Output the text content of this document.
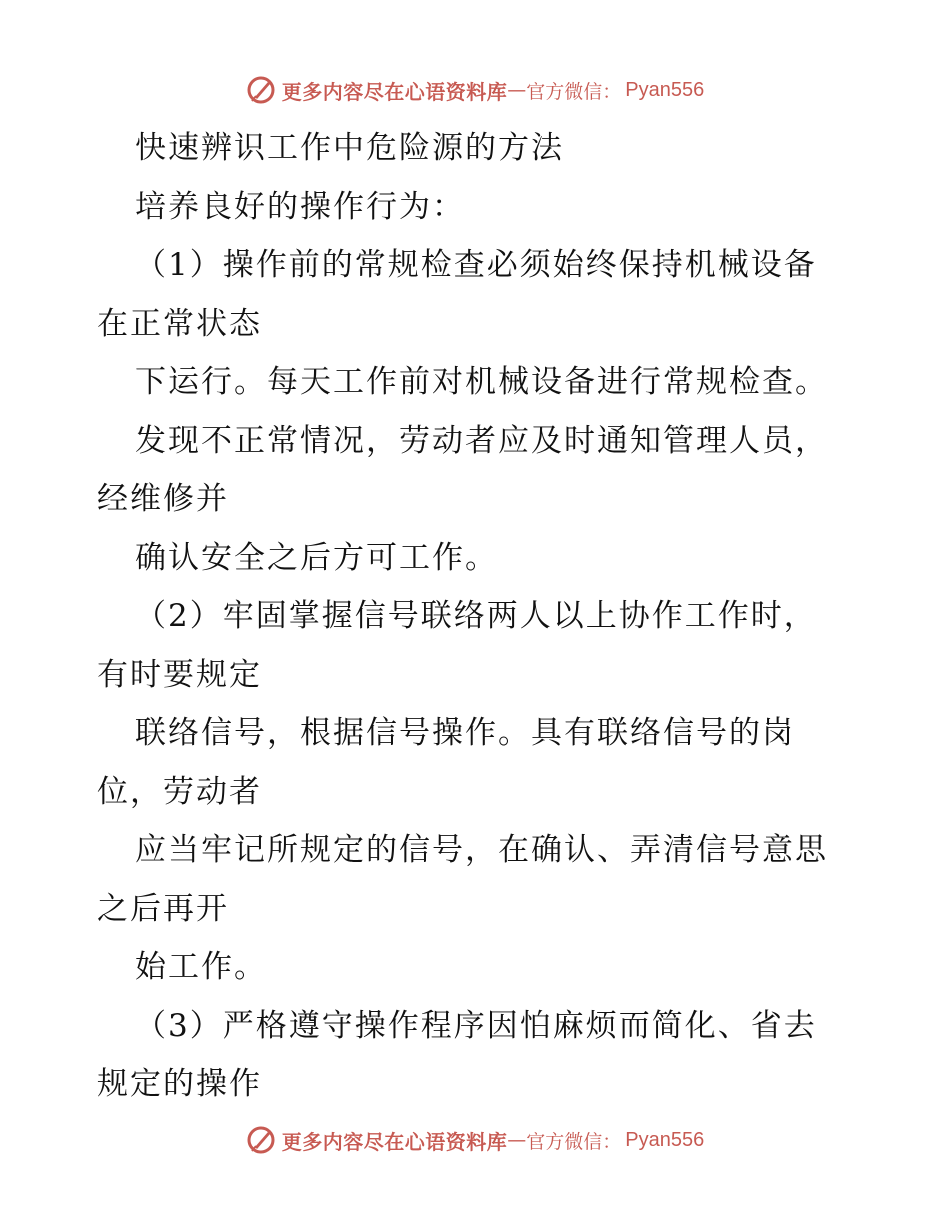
更多内容尽在心语资料库 — 官方微信： Pyan556
快速辨识工作中危险源的方法
培养良好的操作行为：
（1）操作前的常规检查必须始终保持机械设备
在正常状态
下运行。每天工作前对机械设备进行常规检查。
发现不正常情况，劳动者应及时通知管理人员，
经维修并
确认安全之后方可工作。
（2）牢固掌握信号联络两人以上协作工作时，
有时要规定
联络信号，根据信号操作。具有联络信号的岗
位，劳动者
应当牢记所规定的信号，在确认、弄清信号意思
之后再开
始工作。
（3）严格遵守操作程序因怕麻烦而简化、省去
规定的操作
更多内容尽在心语资料库 — 官方微信： Pyan556
